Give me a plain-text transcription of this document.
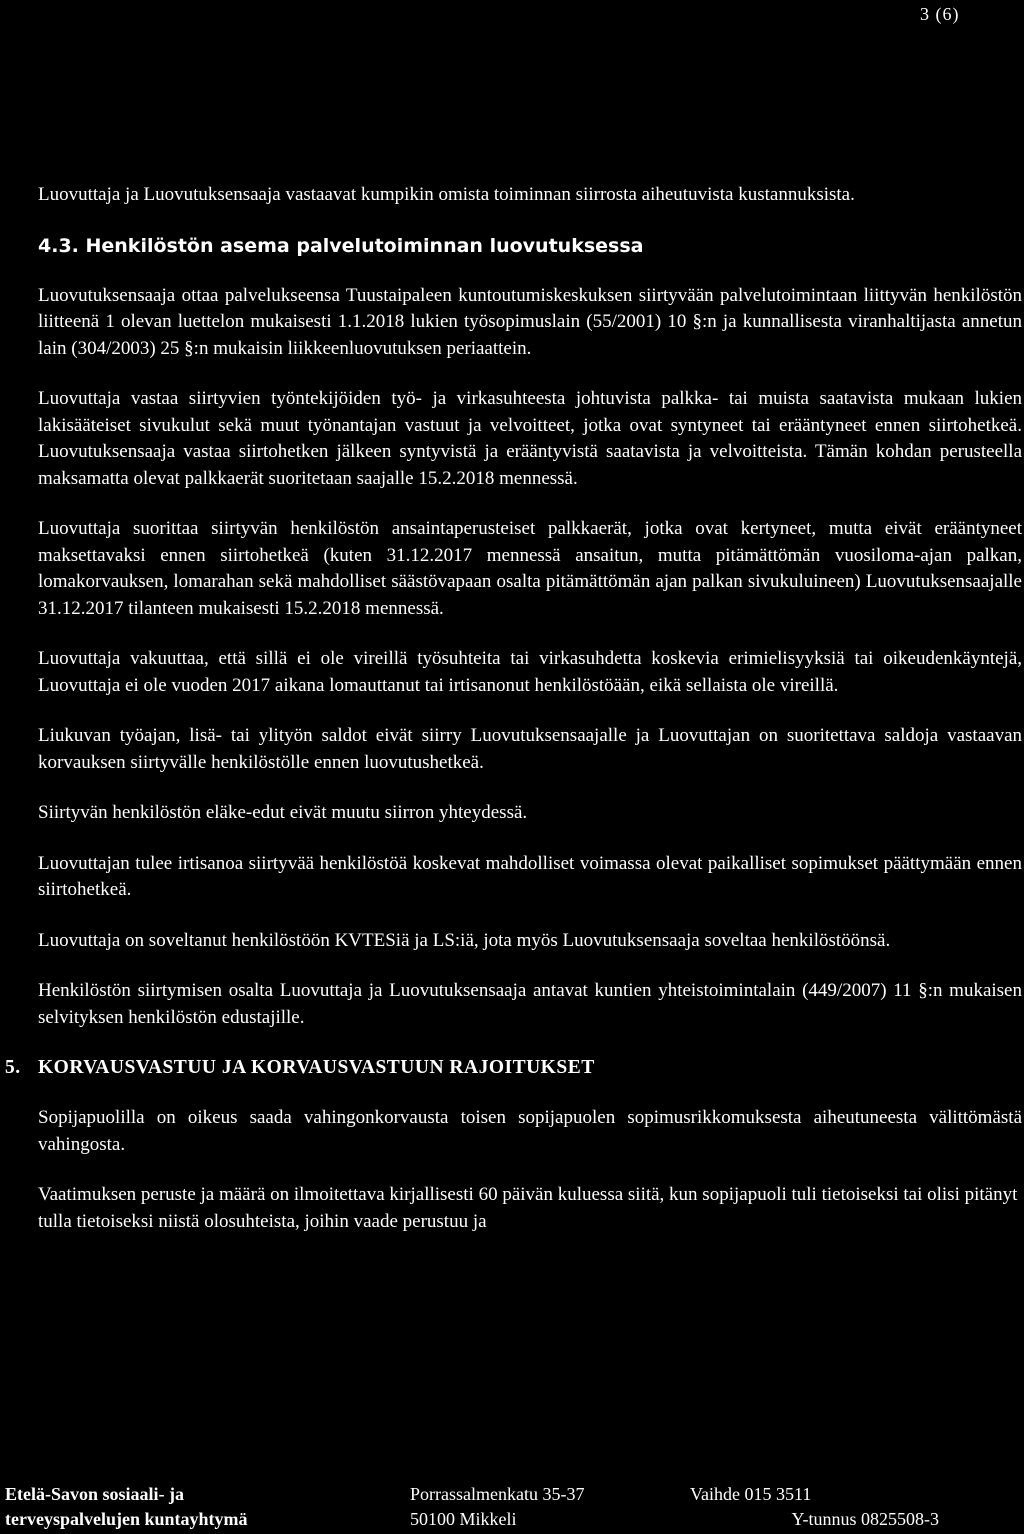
3 (6)

Luovuttaja ja Luovutuksensaaja vastaavat kumpikin omista toiminnan siirrosta aiheutuvista kustannuksista.

4.3. Henkilöstön asema palvelutoiminnan luovutuksessa

Luovutuksensaaja ottaa palvelukseensa Tuustaipaleen kuntoutumiskeskuksen siirtyvään palvelutoimintaan liittyvän henkilöstön liitteenä 1 olevan luettelon mukaisesti 1.1.2018 lukien työsopimuslain (55/2001) 10 §:n ja kunnallisesta viranhaltijasta annetun lain (304/2003) 25 §:n mukaisin liikkeenluovutuksen periaattein.

Luovuttaja vastaa siirtyvien työntekijöiden työ- ja virkasuhteesta johtuvista palkka- tai muista saatavista mukaan lukien lakisääteiset sivukulut sekä muut työnantajan vastuut ja velvoitteet, jotka ovat syntyneet tai erääntyneet ennen siirtohetkeä. Luovutuksensaaja vastaa siirtohetken jälkeen syntyvistä ja erääntyvistä saatavista ja velvoitteista. Tämän kohdan perusteella maksamatta olevat palkkaerät suoritetaan saajalle 15.2.2018 mennessä.

Luovuttaja suorittaa siirtyvän henkilöstön ansaintaperusteiset palkkaerät, jotka ovat kertyneet, mutta eivät erääntyneet maksettavaksi ennen siirtohetkeä (kuten 31.12.2017 mennessä ansaitun, mutta pitämättömän vuosiloma-ajan palkan, lomakorvauksen, lomarahan sekä mahdolliset säästövapaan osalta pitämättömän ajan palkan sivukuluineen) Luovutuksensaajalle 31.12.2017 tilanteen mukaisesti 15.2.2018 mennessä.

Luovuttaja vakuuttaa, että sillä ei ole vireillä työsuhteita tai virkasuhdetta koskevia erimielisyyksiä tai oikeudenkäyntejä, Luovuttaja ei ole vuoden 2017 aikana lomauttanut tai irtisanonut henkilöstöään, eikä sellaista ole vireillä.

Liukuvan työajan, lisä- tai ylityön saldot eivät siirry Luovutuksensaajalle ja Luovuttajan on suoritettava saldoja vastaavan korvauksen siirtyvälle henkilöstölle ennen luovutushetkeä.

Siirtyvän henkilöstön eläke-edut eivät muutu siirron yhteydessä.

Luovuttajan tulee irtisanoa siirtyvää henkilöstöä koskevat mahdolliset voimassa olevat paikalliset sopimukset päättymään ennen siirtohetkeä.

Luovuttaja on soveltanut henkilöstöön KVTESiä ja LS:iä, jota myös Luovutuksensaaja soveltaa henkilöstöönsä.

Henkilöstön siirtymisen osalta Luovuttaja ja Luovutuksensaaja antavat kuntien yhteistoimintalain (449/2007) 11 §:n mukaisen selvityksen henkilöstön edustajille.

5. KORVAUSVASTUU JA KORVAUSVASTUUN RAJOITUKSET

Sopijapuolilla on oikeus saada vahingonkorvausta toisen sopijapuolen sopimusrikkomuksesta aiheutuneesta välittömästä vahingosta.

Vaatimuksen peruste ja määrä on ilmoitettava kirjallisesti 60 päivän kuluessa siitä, kun sopijapuoli tuli tietoiseksi tai olisi pitänyt tulla tietoiseksi niistä olosuhteista, joihin vaade perustuu ja

Etelä-Savon sosiaali- ja
terveyspalvelujen kuntayhtymä
Porrassalmenkatu 35-37
50100 Mikkeli
Vaihde 015 3511
Y-tunnus 0825508-3
